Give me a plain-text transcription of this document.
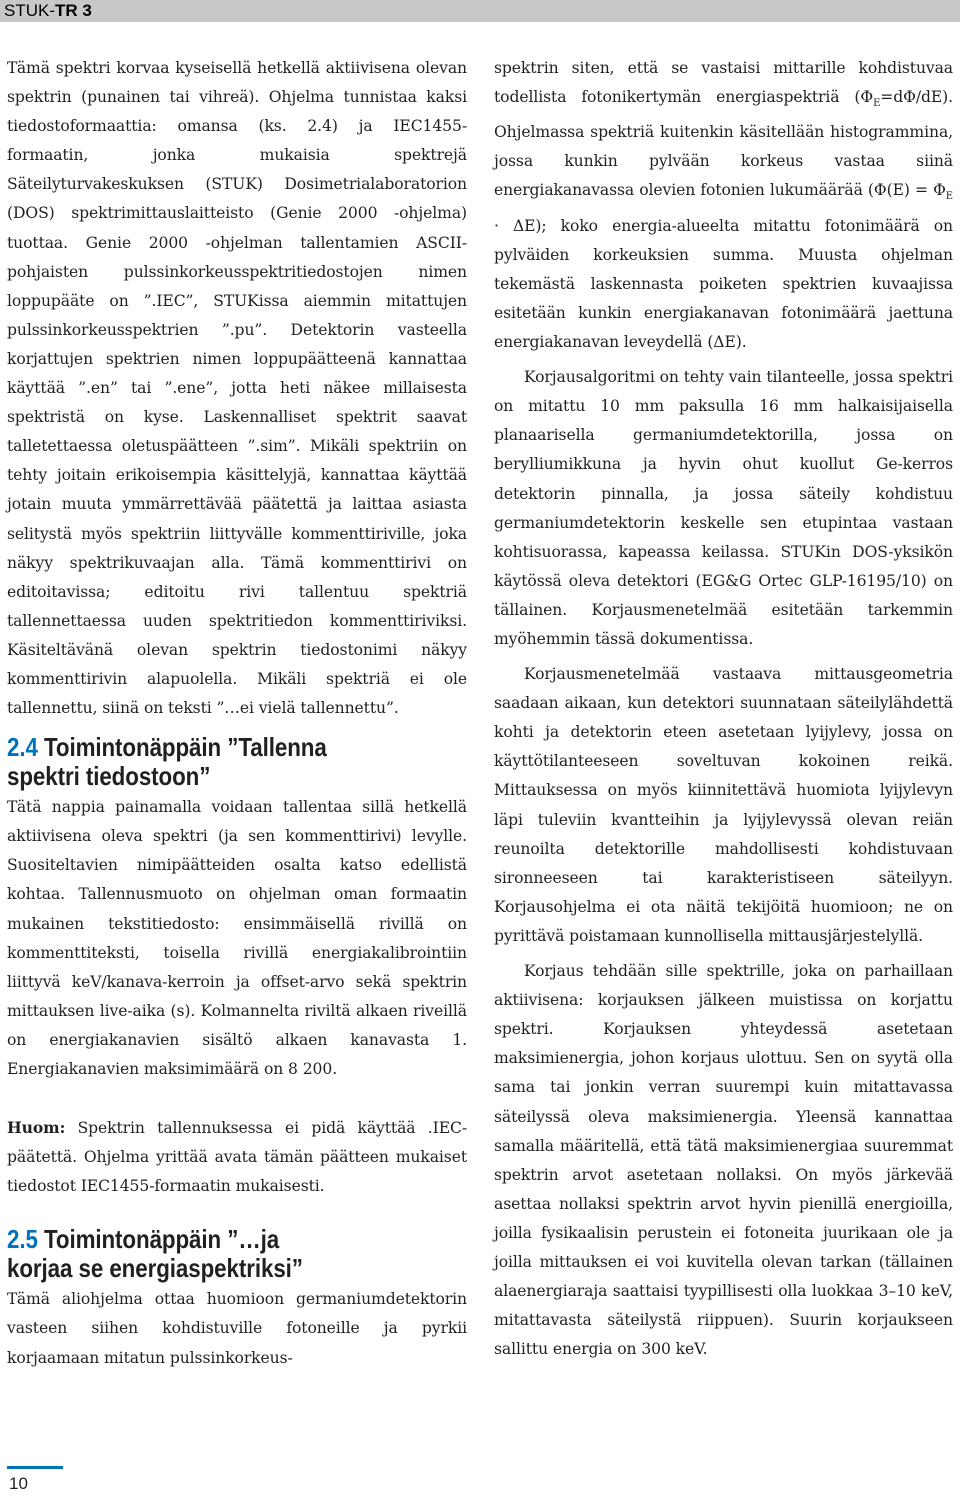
STUK-TR 3

Tämä spektri korvaa kyseisellä hetkellä aktiivisena olevan spektrin (punainen tai vihreä). Ohjelma tunnistaa kaksi tiedostoformaattia: omansa (ks. 2.4) ja IEC1455-formaatin, jonka mukaisia spektrejä Säteilyturvakeskuksen (STUK) Dosimetrialaboratorion (DOS) spektrimittauslaitteisto (Genie 2000 -ohjelma) tuottaa. Genie 2000 -ohjelman tallentamien ASCII-pohjaisten pulssinkorkeusspektritiedostojen nimen loppupääte on ”.IEC”, STUKissa aiemmin mitattujen pulssinkorkeusspektrien ”.pu”. Detektorin vasteella korjattujen spektrien nimen loppupäätteenä kannattaa käyttää ”.en” tai ”.ene”, jotta heti näkee millaisesta spektristä on kyse. Laskennalliset spektrit saavat talletettaessa oletuspäätteen ”.sim”. Mikäli spektriin on tehty joitain erikoisempia käsittelyjä, kannattaa käyttää jotain muuta ymmärrettävää päätettä ja laittaa asiasta selitystä myös spektriin liittyvälle kommenttiriville, joka näkyy spektrikuvaajan alla. Tämä kommenttirivi on editoitavissa; editoitu rivi tallentuu spektriä tallennettaessa uuden spektritiedon kommenttiriviksi. Käsiteltävänä olevan spektrin tiedostonimi näkyy kommenttirivin alapuolella. Mikäli spektriä ei ole tallennettu, siinä on teksti ”…ei vielä tallennettu”.

2.4 Toimintonäppäin ”Tallenna
spektri tiedostoon”

Tätä nappia painamalla voidaan tallentaa sillä hetkellä aktiivisena oleva spektri (ja sen kommenttirivi) levylle. Suositeltavien nimipäätteiden osalta katso edellistä kohtaa. Tallennusmuoto on ohjelman oman formaatin mukainen tekstitiedosto: ensimmäisellä rivillä on kommenttiteksti, toisella rivillä energiakalibrointiin liittyvä keV/kanava-kerroin ja offset-arvo sekä spektrin mittauksen live-aika (s). Kolmannelta riviltä alkaen riveillä on energiakanavien sisältö alkaen kanavasta 1. Energiakanavien maksimimäärä on 8 200.

Huom: Spektrin tallennuksessa ei pidä käyttää .IEC-päätettä. Ohjelma yrittää avata tämän päätteen mukaiset tiedostot IEC1455-formaatin mukaisesti.

2.5 Toimintonäppäin ”…ja
korjaa se energiaspektriksi”

Tämä aliohjelma ottaa huomioon germaniumdetektorin vasteen siihen kohdistuville fotoneille ja pyrkii korjaamaan mitatun pulssinkorkeus-

spektrin siten, että se vastaisi mittarille kohdistuvaa todellista fotonikertymän energiaspektriä $(\Phi_E=d\Phi/dE)$. Ohjelmassa spektriä kuitenkin käsitellään histogrammina, jossa kunkin pylvään korkeus vastaa siinä energiakanavassa olevien fotonien lukumäärää $(\Phi(E) = \Phi_E \cdot \Delta E)$; koko energia-alueelta mitattu fotonimäärä on pylväiden korkeuksien summa. Muusta ohjelman tekemästä laskennasta poiketen spektrien kuvaajissa esitetään kunkin energiakanavan fotonimäärä jaettuna energiakanavan leveydellä (ΔE).

Korjausalgoritmi on tehty vain tilanteelle, jossa spektri on mitattu 10 mm paksulla 16 mm halkaisijaisella planaarisella germaniumdetektorilla, jossa on berylliumikkuna ja hyvin ohut kuollut Ge-kerros detektorin pinnalla, ja jossa säteily kohdistuu germaniumdetektorin keskelle sen etupintaa vastaan kohtisuorassa, kapeassa keilassa. STUKin DOS-yksikön käytössä oleva detektori (EG&G Ortec GLP-16195/10) on tällainen. Korjausmenetelmää esitetään tarkemmin myöhemmin tässä dokumentissa.

Korjausmenetelmää vastaava mittausgeometria saadaan aikaan, kun detektori suunnataan säteilylähdettä kohti ja detektorin eteen asetetaan lyijylevy, jossa on käyttötilanteeseen soveltuvan kokoinen reikä. Mittauksessa on myös kiinnitettävä huomiota lyijylevyn läpi tuleviin kvantteihin ja lyijylevyssä olevan reiän reunoilta detektorille mahdollisesti kohdistuvaan sironneeseen tai karakteristiseen säteilyyn. Korjausohjelma ei ota näitä tekijöitä huomioon; ne on pyrittävä poistamaan kunnollisella mittausjärjestelyllä.

Korjaus tehdään sille spektrille, joka on parhaillaan aktiivisena: korjauksen jälkeen muistissa on korjattu spektri. Korjauksen yhteydessä asetetaan maksimienergia, johon korjaus ulottuu. Sen on syytä olla sama tai jonkin verran suurempi kuin mitattavassa säteilyssä oleva maksimienergia. Yleensä kannattaa samalla määritellä, että tätä maksimienergiaa suuremmat spektrin arvot asetetaan nollaksi. On myös järkevää asettaa nollaksi spektrin arvot hyvin pienillä energioilla, joilla fysikaalisin perustein ei fotoneita juurikaan ole ja joilla mittauksen ei voi kuvitella olevan tarkan (tällainen alaenergiaraja saattaisi tyypillisesti olla luokkaa 3–10 keV, mitattavasta säteilystä riippuen). Suurin korjaukseen sallittu energia on 300 keV.

10
